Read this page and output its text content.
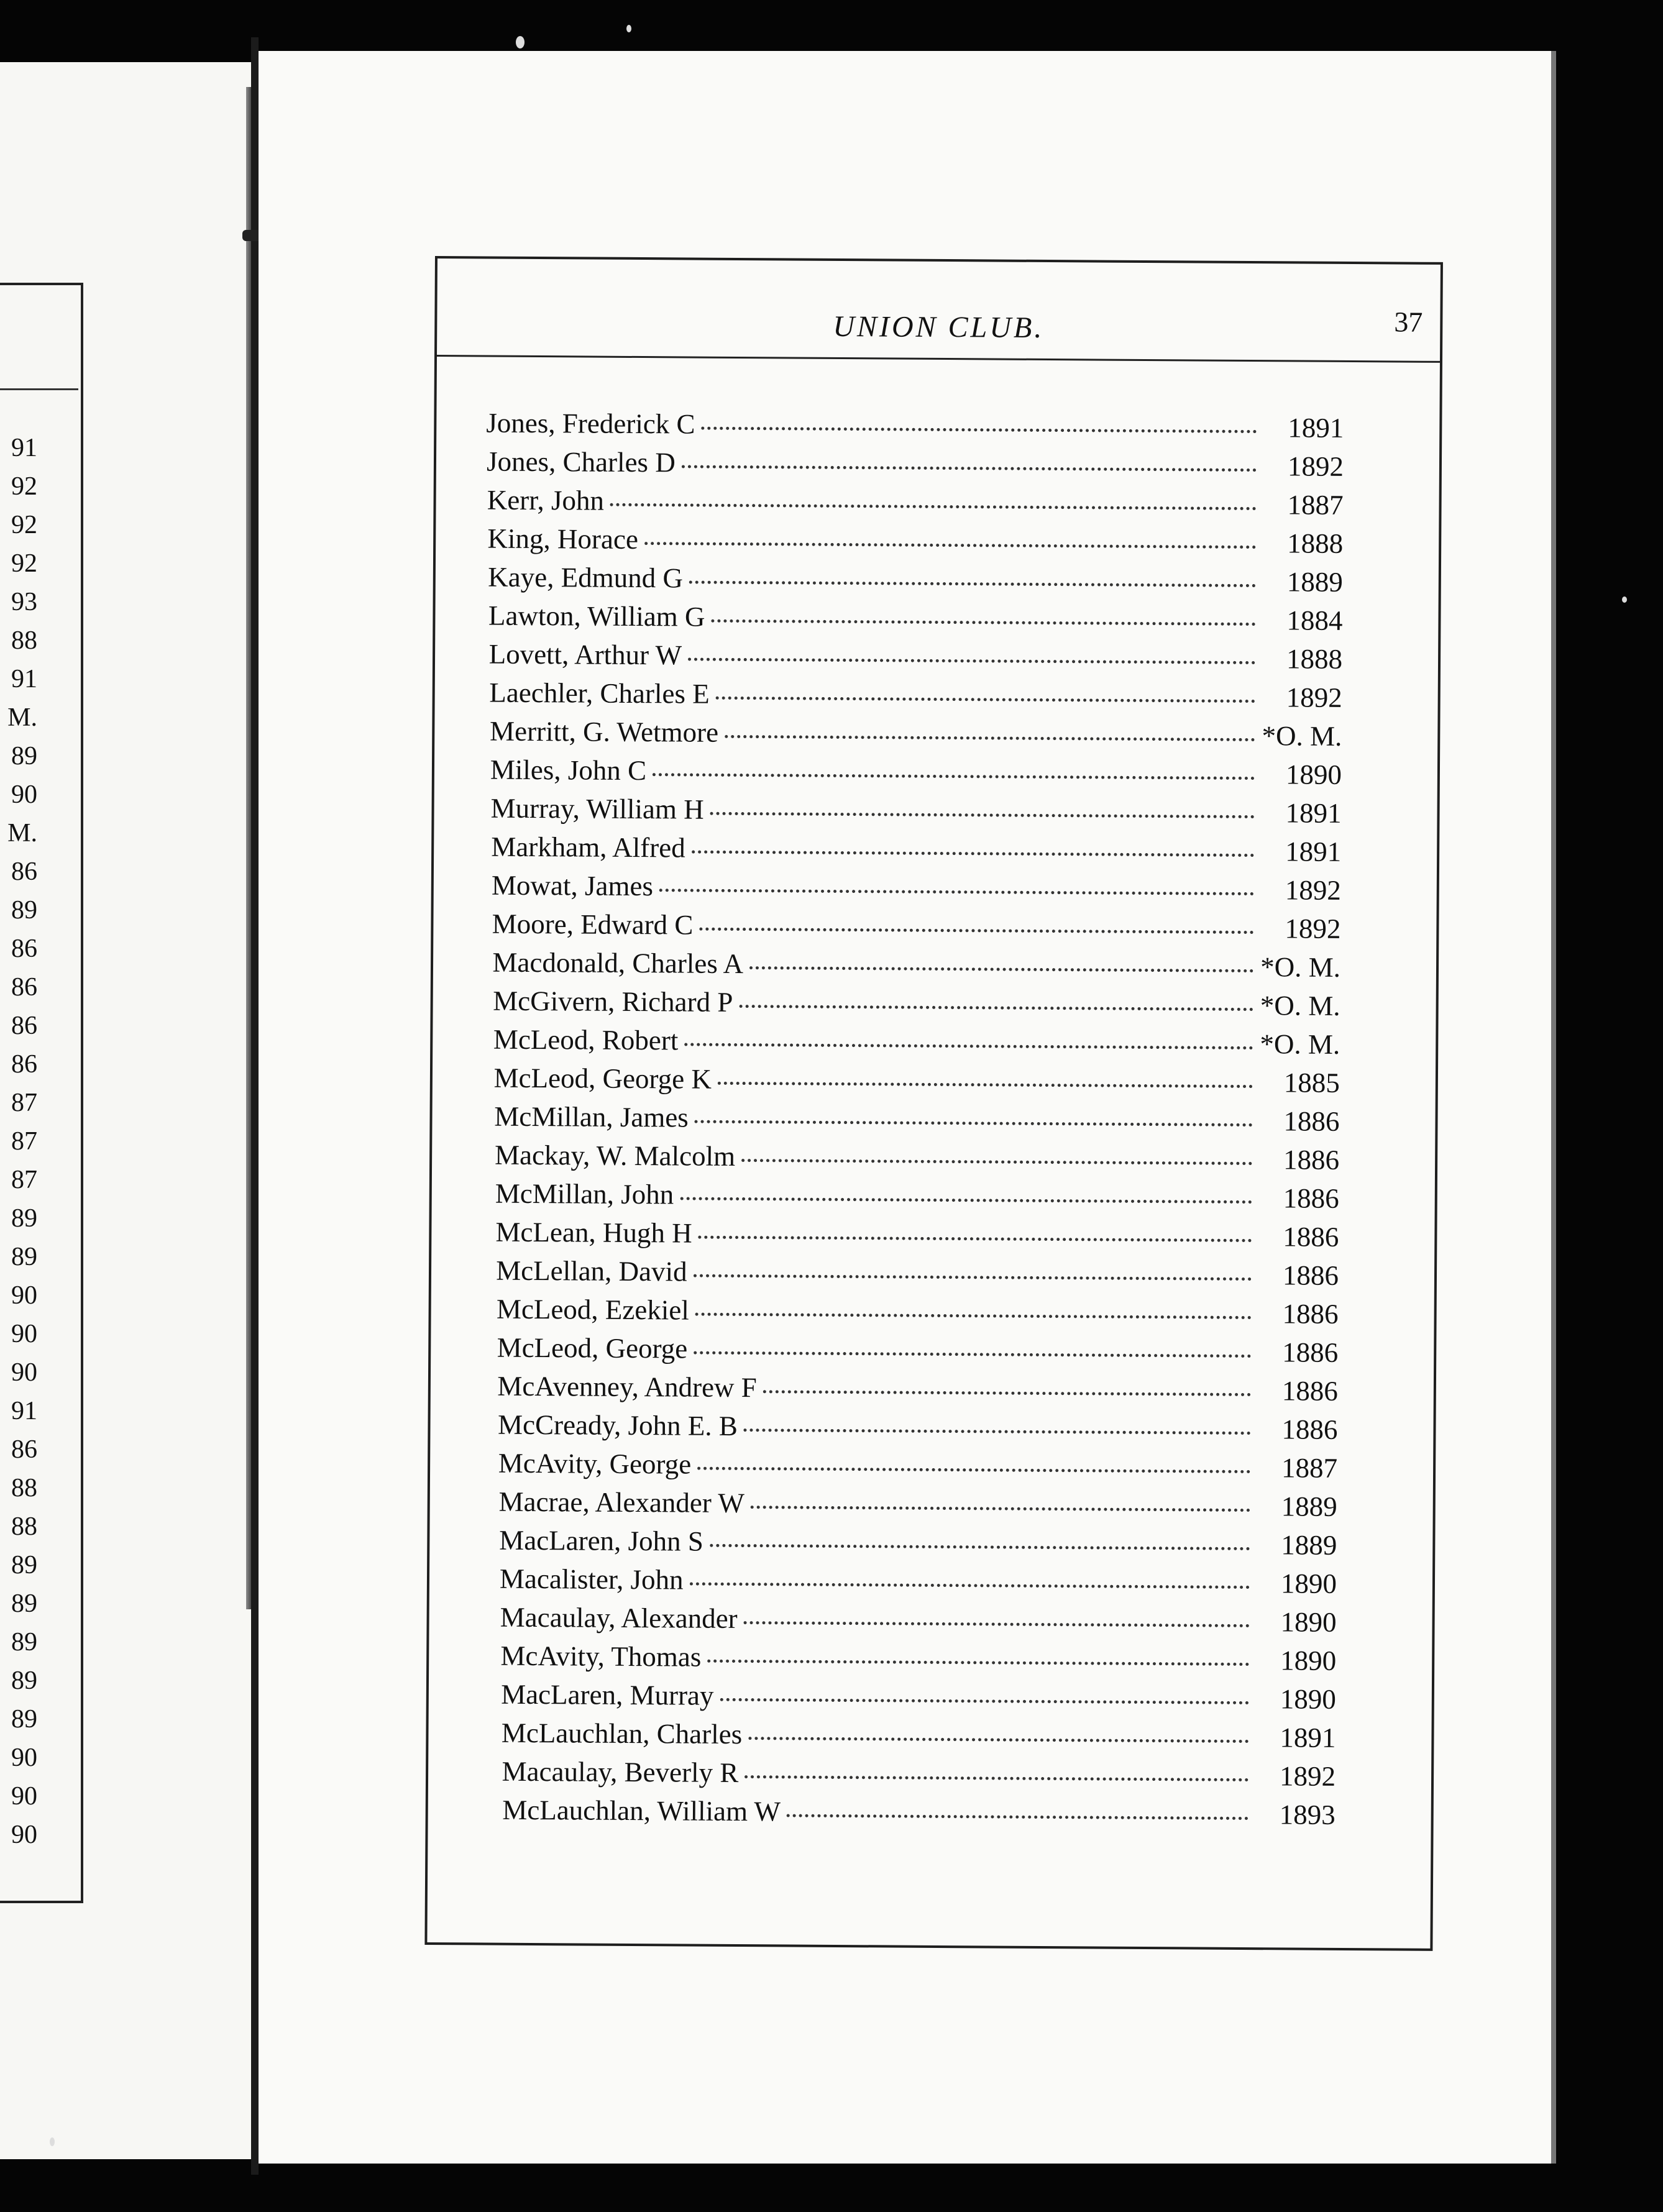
91
92
92
92
93
88
91
M.
89
90
M.
86
89
86
86
86
86
87
87
87
89
89
90
90
90
91
86
88
88
89
89
89
89
89
90
90
90
UNION CLUB.	37
Jones, Frederick C	1891
Jones, Charles D	1892
Kerr, John	1887
King, Horace	1888
Kaye, Edmund G	1889
Lawton, William G	1884
Lovett, Arthur W	1888
Laechler, Charles E	1892
Merritt, G. Wetmore	*O. M.
Miles, John C	1890
Murray, William H	1891
Markham, Alfred	1891
Mowat, James	1892
Moore, Edward C	1892
Macdonald, Charles A	*O. M.
McGivern, Richard P	*O. M.
McLeod, Robert	*O. M.
McLeod, George K	1885
McMillan, James	1886
Mackay, W. Malcolm	1886
McMillan, John	1886
McLean, Hugh H	1886
McLellan, David	1886
McLeod, Ezekiel	1886
McLeod, George	1886
McAvenney, Andrew F	1886
McCready, John E. B	1886
McAvity, George	1887
Macrae, Alexander W	1889
MacLaren, John S	1889
Macalister, John	1890
Macaulay, Alexander	1890
McAvity, Thomas	1890
MacLaren, Murray	1890
McLauchlan, Charles	1891
Macaulay, Beverly R	1892
McLauchlan, William W	1893
